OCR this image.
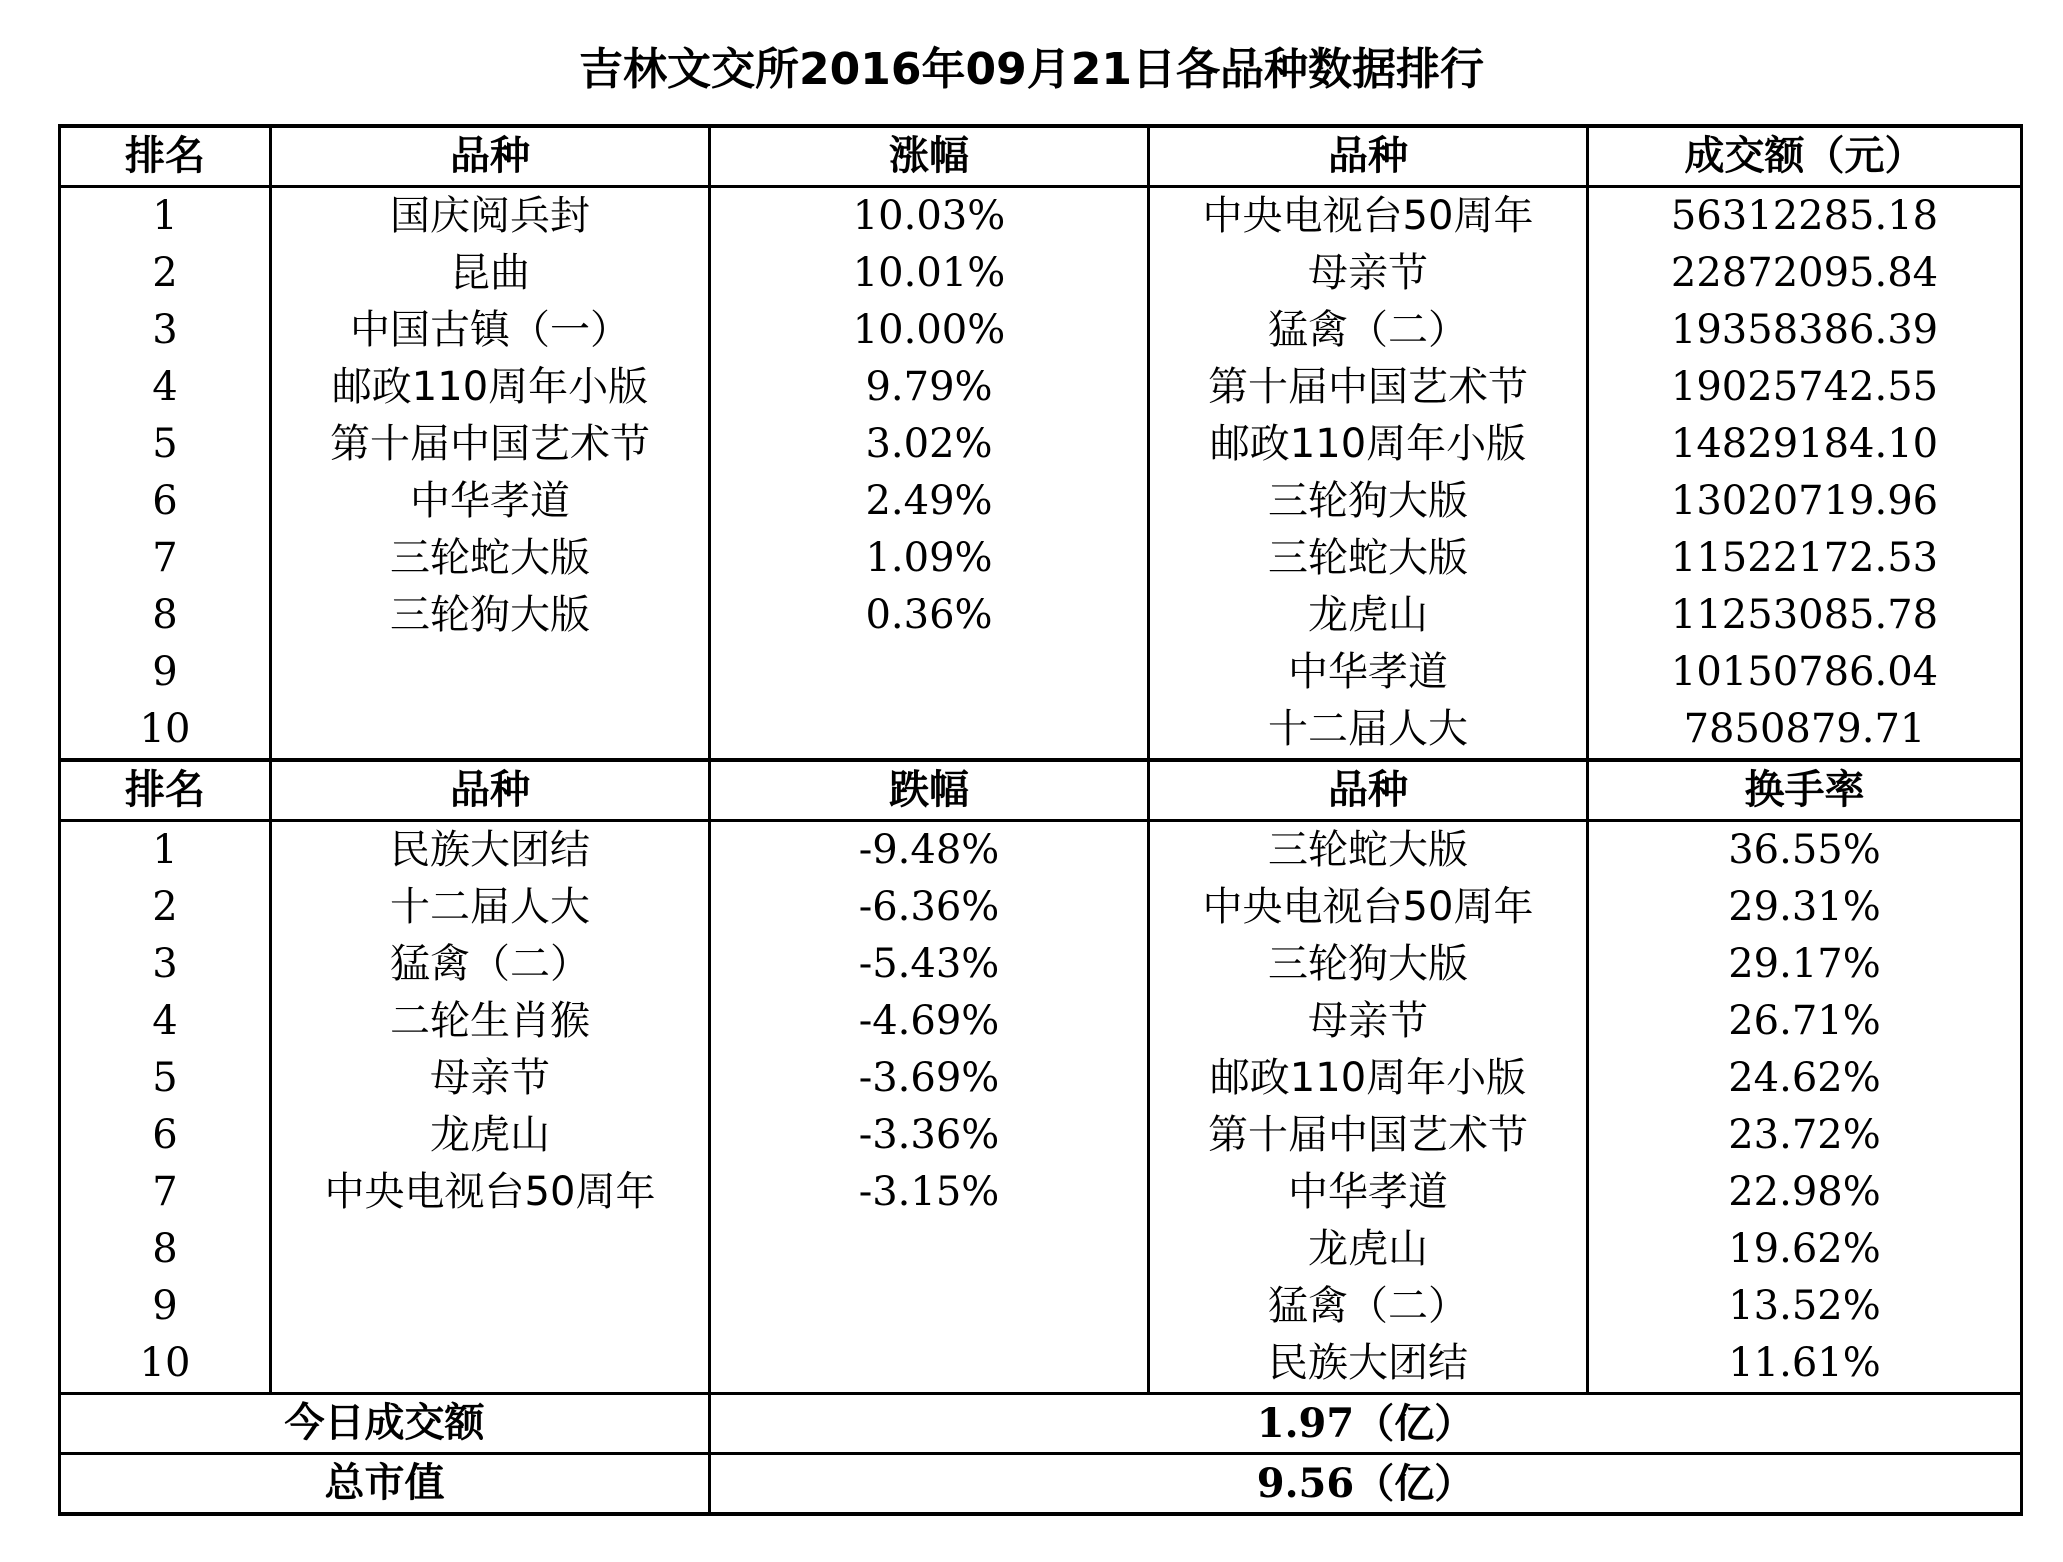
吉林文交所2016年09月21日各品种数据排行
排名	品种	涨幅	品种	成交额（元）
1	国庆阅兵封	10.03%	中央电视台50周年	56312285.18
2	昆曲	10.01%	母亲节	22872095.84
3	中国古镇（一）	10.00%	猛禽（二）	19358386.39
4	邮政110周年小版	9.79%	第十届中国艺术节	19025742.55
5	第十届中国艺术节	3.02%	邮政110周年小版	14829184.10
6	中华孝道	2.49%	三轮狗大版	13020719.96
7	三轮蛇大版	1.09%	三轮蛇大版	11522172.53
8	三轮狗大版	0.36%	龙虎山	11253085.78
9			中华孝道	10150786.04
10			十二届人大	7850879.71
排名	品种	跌幅	品种	换手率
1	民族大团结	-9.48%	三轮蛇大版	36.55%
2	十二届人大	-6.36%	中央电视台50周年	29.31%
3	猛禽（二）	-5.43%	三轮狗大版	29.17%
4	二轮生肖猴	-4.69%	母亲节	26.71%
5	母亲节	-3.69%	邮政110周年小版	24.62%
6	龙虎山	-3.36%	第十届中国艺术节	23.72%
7	中央电视台50周年	-3.15%	中华孝道	22.98%
8			龙虎山	19.62%
9			猛禽（二）	13.52%
10			民族大团结	11.61%
今日成交额		1.97（亿）		
总市值		9.56（亿）		
